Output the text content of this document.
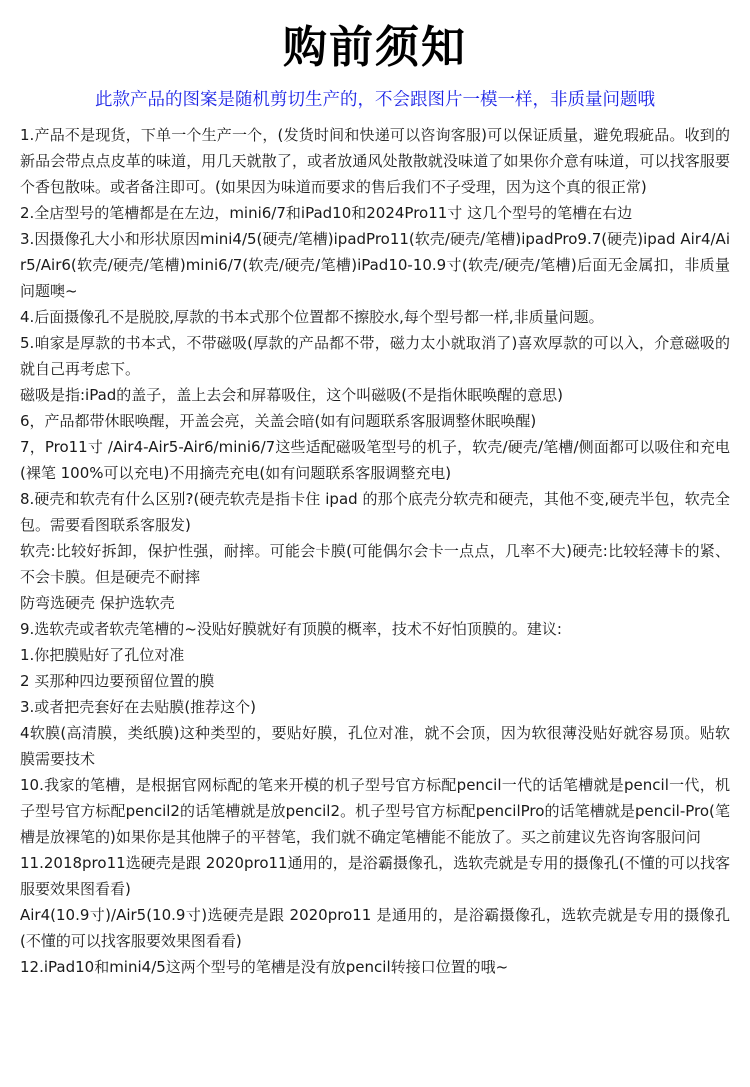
购前须知
此款产品的图案是随机剪切生产的，不会跟图片一模一样，非质量问题哦

1.产品不是现货，下单一个生产一个，(发货时间和快递可以咨询客服)可以保证质量，避免瑕疵品。收到的新品会带点点皮革的味道，用几天就散了，或者放通风处散散就没味道了如果你介意有味道，可以找客服要个香包散味。或者备注即可。(如果因为味道而要求的售后我们不子受理，因为这个真的很正常)

2.全店型号的笔槽都是在左边，mini6/7和iPad10和2024Pro11寸 这几个型号的笔槽在右边

3.因摄像孔大小和形状原因mini4/5(硬壳/笔槽)ipadPro11(软壳/硬壳/笔槽)ipadPro9.7(硬壳)ipad Air4/Air5/Air6(软壳/硬壳/笔槽)mini6/7(软壳/硬壳/笔槽)iPad10-10.9寸(软壳/硬壳/笔槽)后面无金属扣，非质量问题噢~

4.后面摄像孔不是脱胶,厚款的书本式那个位置都不擦胶水,每个型号都一样,非质量问题。

5.咱家是厚款的书本式，不带磁吸(厚款的产品都不带，磁力太小就取消了)喜欢厚款的可以入，介意磁吸的就自己再考虑下。

磁吸是指:iPad的盖子，盖上去会和屏幕吸住，这个叫磁吸(不是指休眠唤醒的意思)

6，产品都带休眠唤醒，开盖会亮，关盖会暗(如有问题联系客服调整休眠唤醒)

7，Pro11寸 /Air4-Air5-Air6/mini6/7这些适配磁吸笔型号的机子，软壳/硬壳/笔槽/侧面都可以吸住和充电(裸笔 100%可以充电)不用摘壳充电(如有问题联系客服调整充电)

8.硬壳和软壳有什么区别?(硬壳软壳是指卡住 ipad 的那个底壳分软壳和硬壳，其他不变,硬壳半包，软壳全包。需要看图联系客服发)

软壳:比较好拆卸，保护性强，耐摔。可能会卡膜(可能偶尔会卡一点点，几率不大)硬壳:比较轻薄卡的紧、不会卡膜。但是硬壳不耐摔

防弯选硬壳 保护选软壳

9.选软壳或者软壳笔槽的~没贴好膜就好有顶膜的概率，技术不好怕顶膜的。建议:

1.你把膜贴好了孔位对准

2 买那种四边要预留位置的膜

3.或者把壳套好在去贴膜(推荐这个)

4软膜(高清膜，类纸膜)这种类型的，要贴好膜，孔位对准，就不会顶，因为软很薄没贴好就容易顶。贴软膜需要技术

10.我家的笔槽，是根据官网标配的笔来开模的机子型号官方标配pencil一代的话笔槽就是pencil一代，机子型号官方标配pencil2的话笔槽就是放pencil2。机子型号官方标配pencilPro的话笔槽就是pencil-Pro(笔槽是放裸笔的)如果你是其他牌子的平替笔，我们就不确定笔槽能不能放了。买之前建议先咨询客服问问

11.2018pro11选硬壳是跟 2020pro11通用的，是浴霸摄像孔，选软壳就是专用的摄像孔(不懂的可以找客服要效果图看看)

Air4(10.9寸)/Air5(10.9寸)选硬壳是跟 2020pro11 是通用的，是浴霸摄像孔，选软壳就是专用的摄像孔(不懂的可以找客服要效果图看看)

12.iPad10和mini4/5这两个型号的笔槽是没有放pencil转接口位置的哦~
